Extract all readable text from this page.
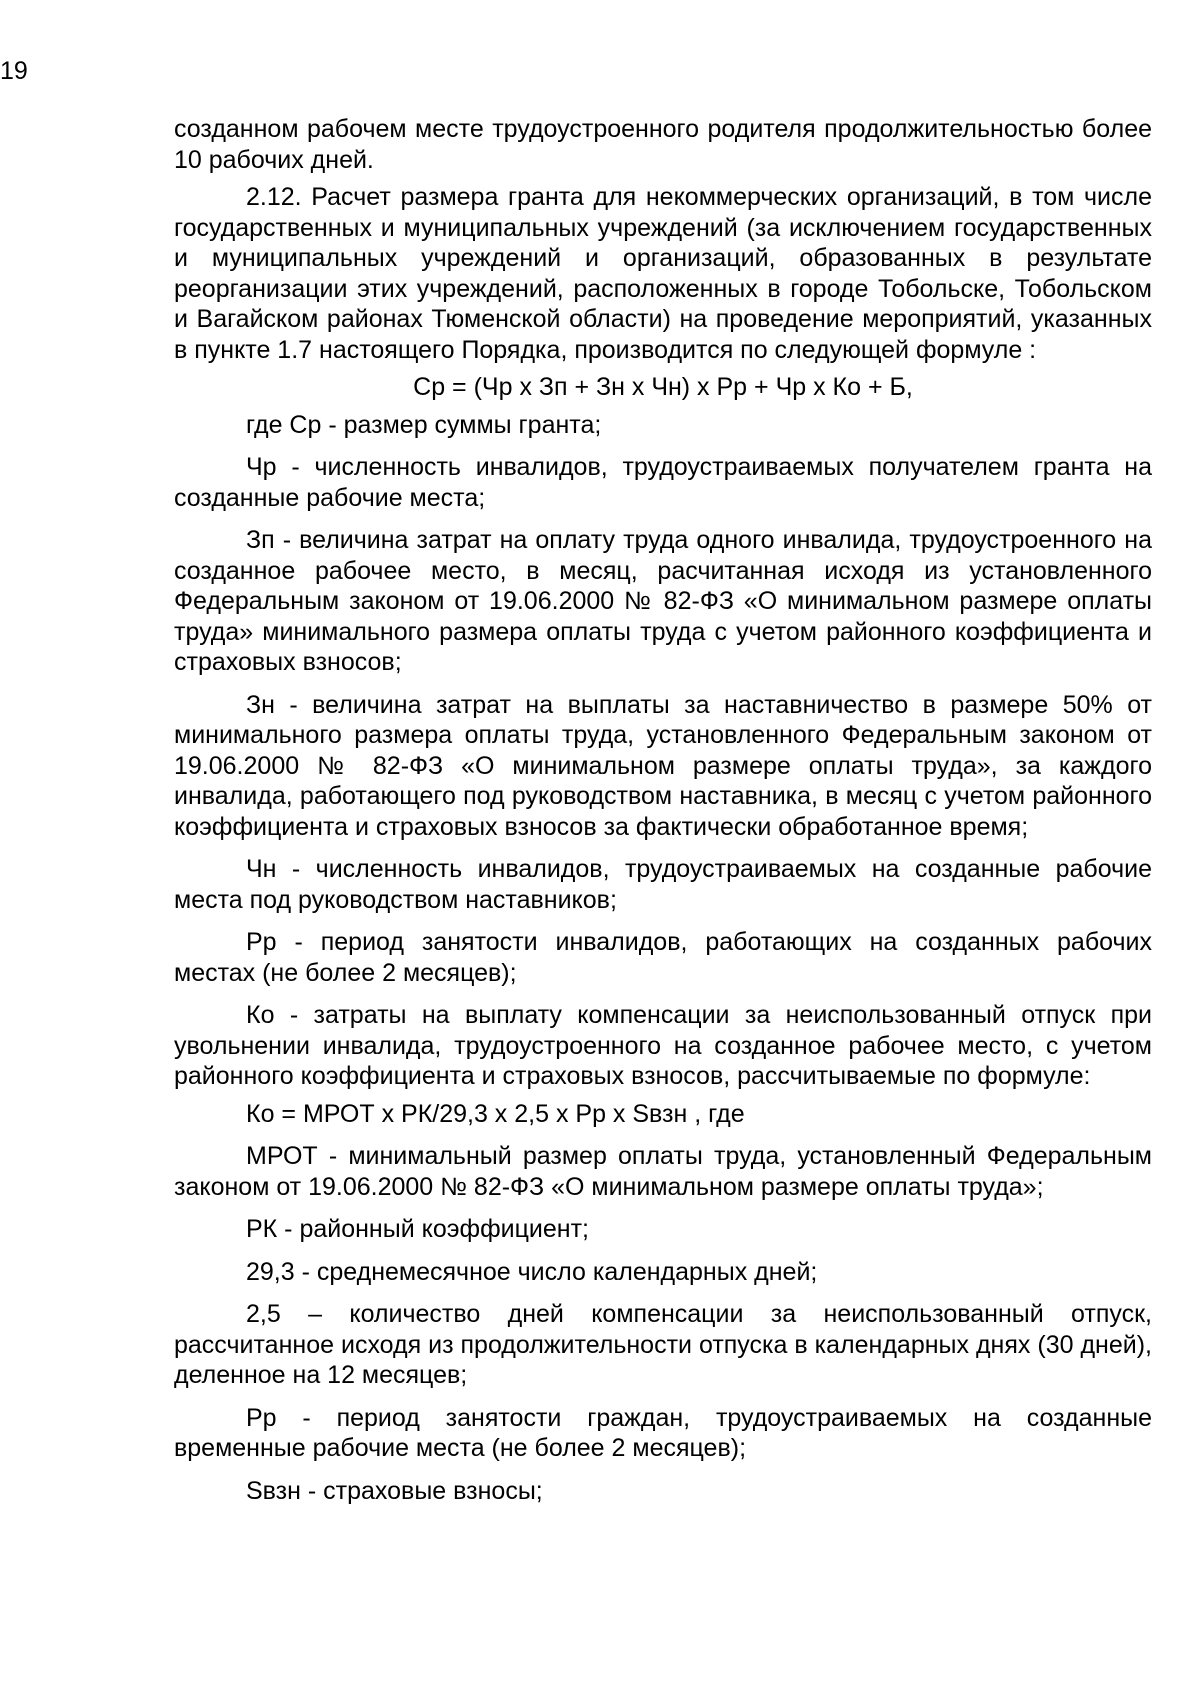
19

созданном рабочем месте трудоустроенного родителя продолжительностью более 10 рабочих дней.

2.12. Расчет размера гранта для некоммерческих организаций, в том числе государственных и муниципальных учреждений (за исключением государственных и муниципальных учреждений и организаций, образованных в результате реорганизации этих учреждений, расположенных в городе Тобольске, Тобольском и Вагайском районах Тюменской области) на проведение мероприятий, указанных в пункте 1.7 настоящего Порядка, производится по следующей формуле :

Ср = (Чр х Зп + Зн х Чн) х Рр + Чр х Ко + Б,

где Ср - размер суммы гранта;

Чр - численность инвалидов, трудоустраиваемых получателем гранта на созданные рабочие места;

Зп - величина затрат на оплату труда одного инвалида, трудоустроенного на созданное рабочее место, в месяц, расчитанная исходя из установленного Федеральным законом от 19.06.2000 № 82-ФЗ «О минимальном размере оплаты труда» минимального размера оплаты труда с учетом районного коэффициента и страховых взносов;

Зн - величина затрат на выплаты за наставничество в размере 50% от минимального размера оплаты труда, установленного Федеральным законом от 19.06.2000 № 82-ФЗ «О минимальном размере оплаты труда», за каждого инвалида, работающего под руководством наставника, в месяц с учетом районного коэффициента и страховых взносов за фактически обработанное время;

Чн - численность инвалидов, трудоустраиваемых на созданные рабочие места под руководством наставников;

Рр - период занятости инвалидов, работающих на созданных рабочих местах (не более 2 месяцев);

Ко - затраты на выплату компенсации за неиспользованный отпуск при увольнении инвалида, трудоустроенного на созданное рабочее место, с учетом районного коэффициента и страховых взносов, рассчитываемые по формуле:

Ко = МРОТ х РК/29,3 х 2,5 х Рр х Sвзн , где

МРОТ - минимальный размер оплаты труда, установленный Федеральным законом от 19.06.2000 № 82-ФЗ «О минимальном размере оплаты труда»;

РК - районный коэффициент;

29,3 - среднемесячное число календарных дней;

2,5 – количество дней компенсации за неиспользованный отпуск, рассчитанное исходя из продолжительности отпуска в календарных днях (30 дней), деленное на 12 месяцев;

Рр - период занятости граждан, трудоустраиваемых на созданные временные рабочие места (не более 2 месяцев);

Sвзн - страховые взносы;
